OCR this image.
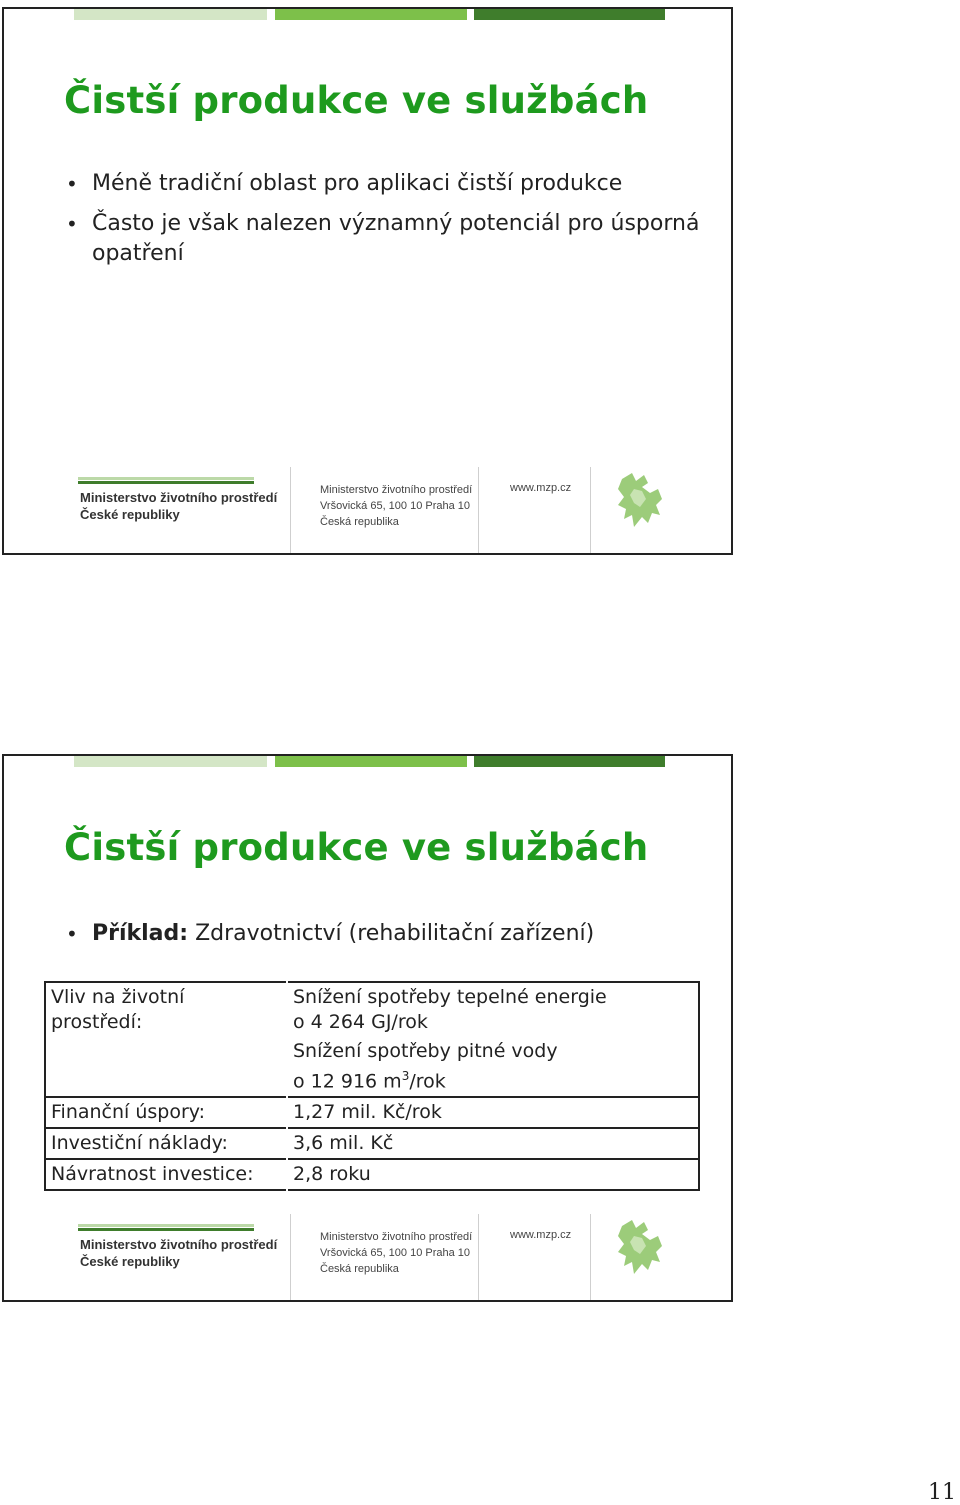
Čistší produkce ve službách
• Méně tradiční oblast pro aplikaci čistší produkce
• Často je však nalezen významný potenciál pro úsporná opatření
Ministerstvo životního prostředí
České republiky
Ministerstvo životního prostředí
Vršovická 65, 100 10 Praha 10
Česká republika
www.mzp.cz
Čistší produkce ve službách
• Příklad: Zdravotnictví (rehabilitační zařízení)
Vliv na životní prostředí:	Snížení spotřeby tepelné energie
o 4 264 GJ/rok
Snížení spotřeby pitné vody
o 12 916 $m^3$/rok

Finanční úspory:	1,27 mil. Kč/rok
Investiční náklady:	3,6 mil. Kč
Návratnost investice:	2,8 roku
Ministerstvo životního prostředí
České republiky
Ministerstvo životního prostředí
Vršovická 65, 100 10 Praha 10
Česká republika
www.mzp.cz
11
